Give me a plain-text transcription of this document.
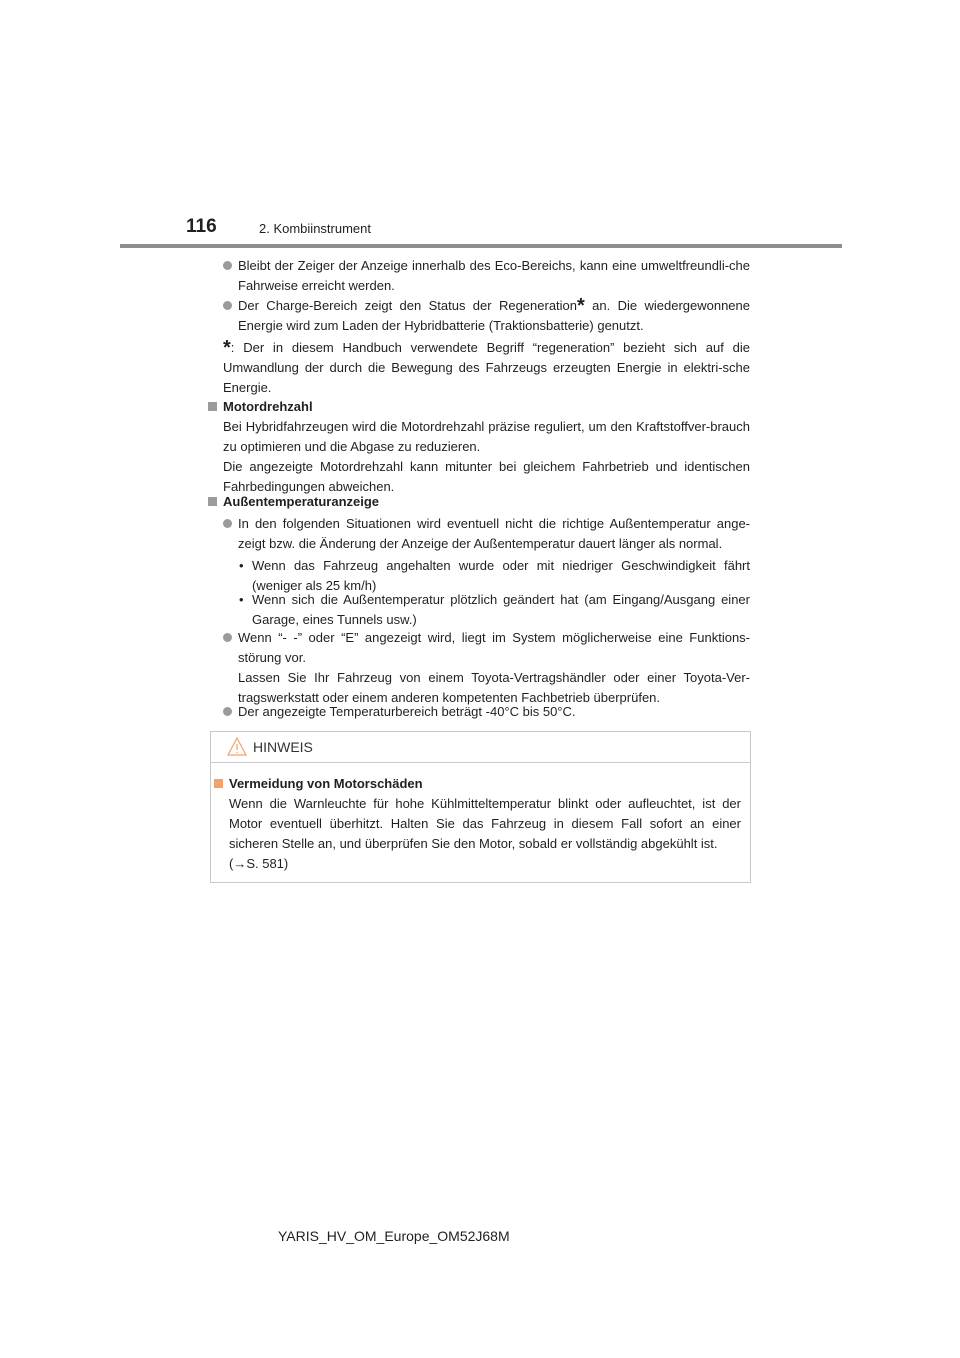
116	2. Kombiinstrument
Bleibt der Zeiger der Anzeige innerhalb des Eco-Bereichs, kann eine umweltfreundli-che Fahrweise erreicht werden.
Der Charge-Bereich zeigt den Status der Regeneration* an. Die wiedergewonnene Energie wird zum Laden der Hybridbatterie (Traktionsbatterie) genutzt.
*: Der in diesem Handbuch verwendete Begriff “regeneration” bezieht sich auf die Umwandlung der durch die Bewegung des Fahrzeugs erzeugten Energie in elektri-sche Energie.
Motordrehzahl
Bei Hybridfahrzeugen wird die Motordrehzahl präzise reguliert, um den Kraftstoffver-brauch zu optimieren und die Abgase zu reduzieren.
Die angezeigte Motordrehzahl kann mitunter bei gleichem Fahrbetrieb und identischen Fahrbedingungen abweichen.
Außentemperaturanzeige
In den folgenden Situationen wird eventuell nicht die richtige Außentemperatur ange-zeigt bzw. die Änderung der Anzeige der Außentemperatur dauert länger als normal.
• Wenn das Fahrzeug angehalten wurde oder mit niedriger Geschwindigkeit fährt (weniger als 25 km/h)
• Wenn sich die Außentemperatur plötzlich geändert hat (am Eingang/Ausgang einer Garage, eines Tunnels usw.)
Wenn “- -” oder “E” angezeigt wird, liegt im System möglicherweise eine Funktions-störung vor.
Lassen Sie Ihr Fahrzeug von einem Toyota-Vertragshändler oder einer Toyota-Ver-tragswerkstatt oder einem anderen kompetenten Fachbetrieb überprüfen.
Der angezeigte Temperaturbereich beträgt -40°C bis 50°C.
HINWEIS
Vermeidung von Motorschäden
Wenn die Warnleuchte für hohe Kühlmitteltemperatur blinkt oder aufleuchtet, ist der Motor eventuell überhitzt. Halten Sie das Fahrzeug in diesem Fall sofort an einer sicheren Stelle an, und überprüfen Sie den Motor, sobald er vollständig abgekühlt ist.
(→S. 581)
YARIS_HV_OM_Europe_OM52J68M
